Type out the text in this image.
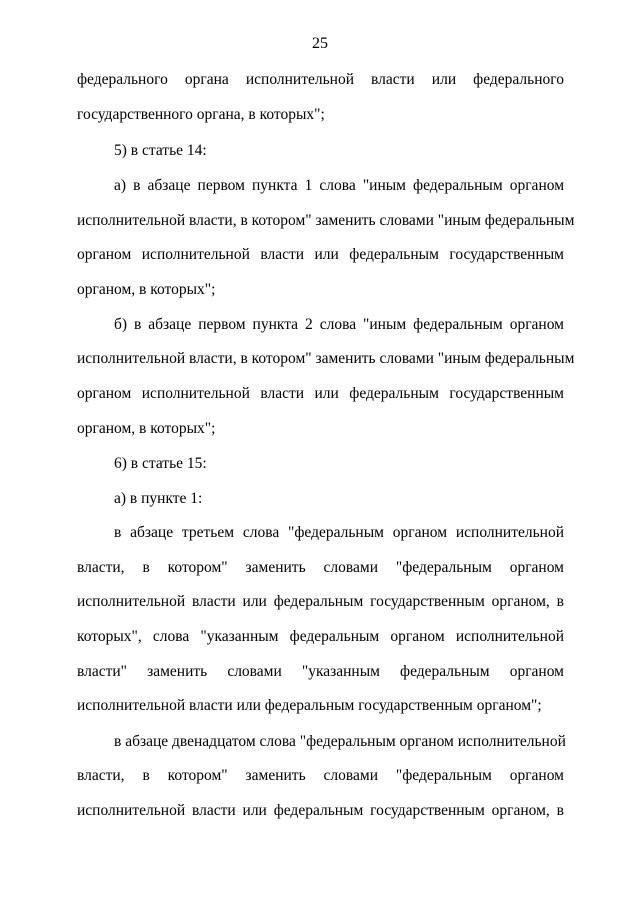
25
федерального органа исполнительной власти или федерального
государственного органа, в которых";
5) в статье 14:
а) в абзаце первом пункта 1 слова "иным федеральным органом
исполнительной власти, в котором" заменить словами "иным федеральным
органом исполнительной власти или федеральным государственным
органом, в которых";
б) в абзаце первом пункта 2 слова "иным федеральным органом
исполнительной власти, в котором" заменить словами "иным федеральным
органом исполнительной власти или федеральным государственным
органом, в которых";
6) в статье 15:
а) в пункте 1:
в абзаце третьем слова "федеральным органом исполнительной
власти, в котором" заменить словами "федеральным органом
исполнительной власти или федеральным государственным органом, в
которых", слова "указанным федеральным органом исполнительной
власти" заменить словами "указанным федеральным органом
исполнительной власти или федеральным государственным органом";
в абзаце двенадцатом слова "федеральным органом исполнительной
власти, в котором" заменить словами "федеральным органом
исполнительной власти или федеральным государственным органом, в
